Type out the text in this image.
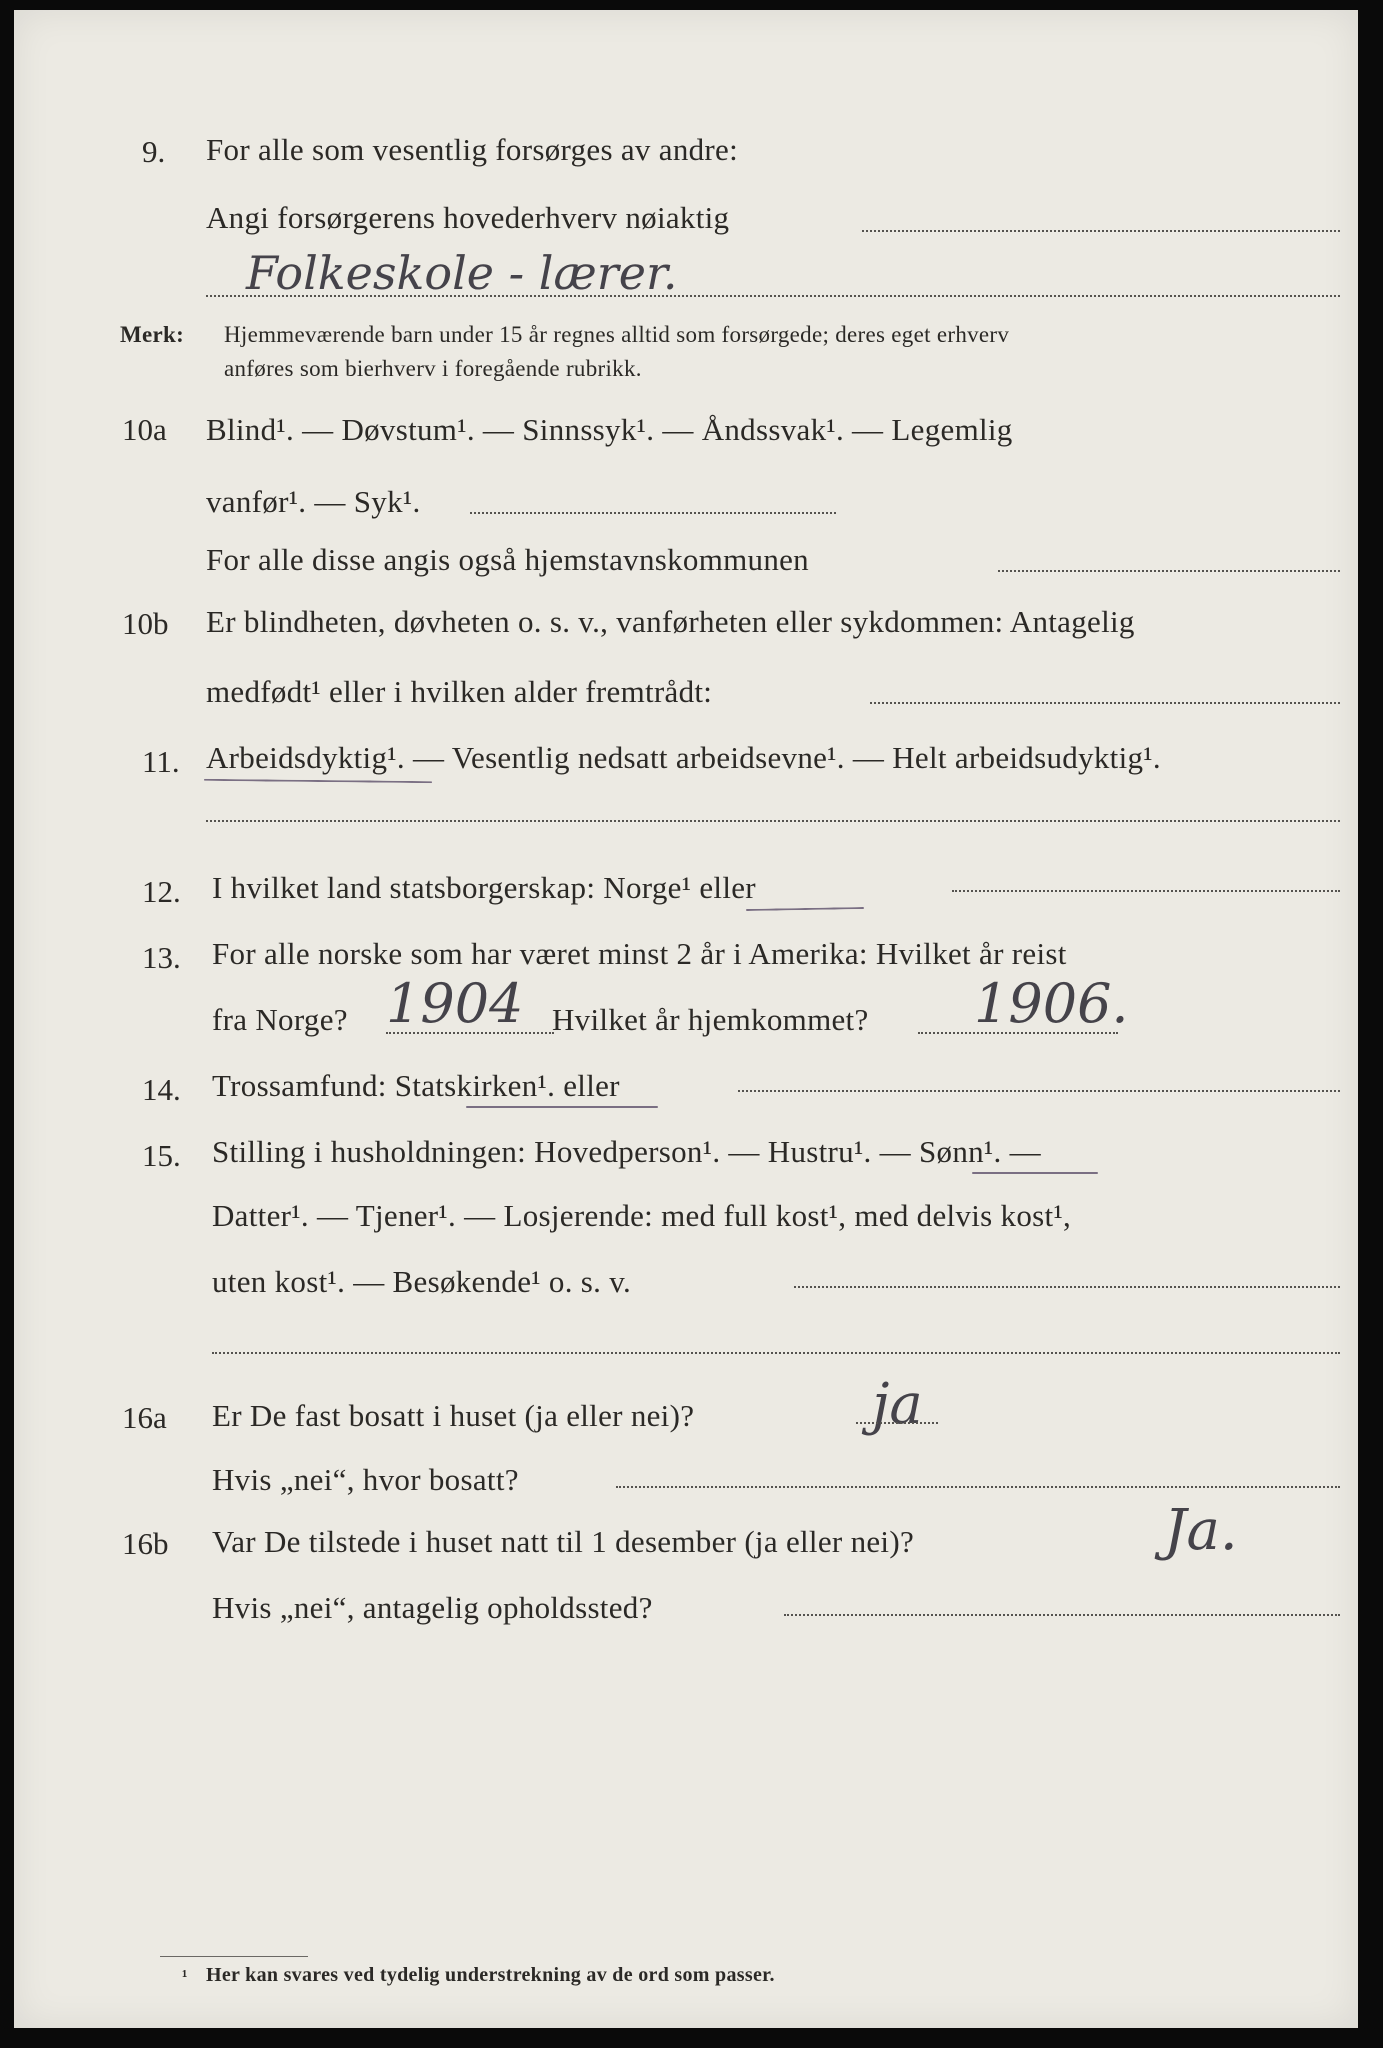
9. For alle som vesentlig forsørges av andre:
Angi forsørgerens hovederhverv nøiaktig
Folkeskole - lærer.
Merk: Hjemmeværende barn under 15 år regnes alltid som forsørgede; deres eget erhverv
anføres som bierhverv i foregående rubrikk.
10a Blind¹. — Døvstum¹. — Sinnssyk¹. — Åndssvak¹. — Legemlig
vanfør¹. — Syk¹.
For alle disse angis også hjemstavnskommunen
10b Er blindheten, døvheten o. s. v., vanførheten eller sykdommen: Antagelig
medfødt¹ eller i hvilken alder fremtrådt:
11. Arbeidsdyktig¹. — Vesentlig nedsatt arbeidsevne¹. — Helt arbeidsudyktig¹.
12. I hvilket land statsborgerskap: Norge¹ eller
13. For alle norske som har været minst 2 år i Amerika: Hvilket år reist
fra Norge? 1904 Hvilket år hjemkommet? 1906.
14. Trossamfund: Statskirken¹. eller
15. Stilling i husholdningen: Hovedperson¹. — Hustru¹. — Sønn¹. —
Datter¹. — Tjener¹. — Losjerende: med full kost¹, med delvis kost¹,
uten kost¹. — Besøkende¹ o. s. v.
16a Er De fast bosatt i huset (ja eller nei)?	ja
Hvis „nei“, hvor bosatt?
16b Var De tilstede i huset natt til 1 desember (ja eller nei)?	Ja.
Hvis „nei“, antagelig opholdssted?

¹ Her kan svares ved tydelig understrekning av de ord som passer.
